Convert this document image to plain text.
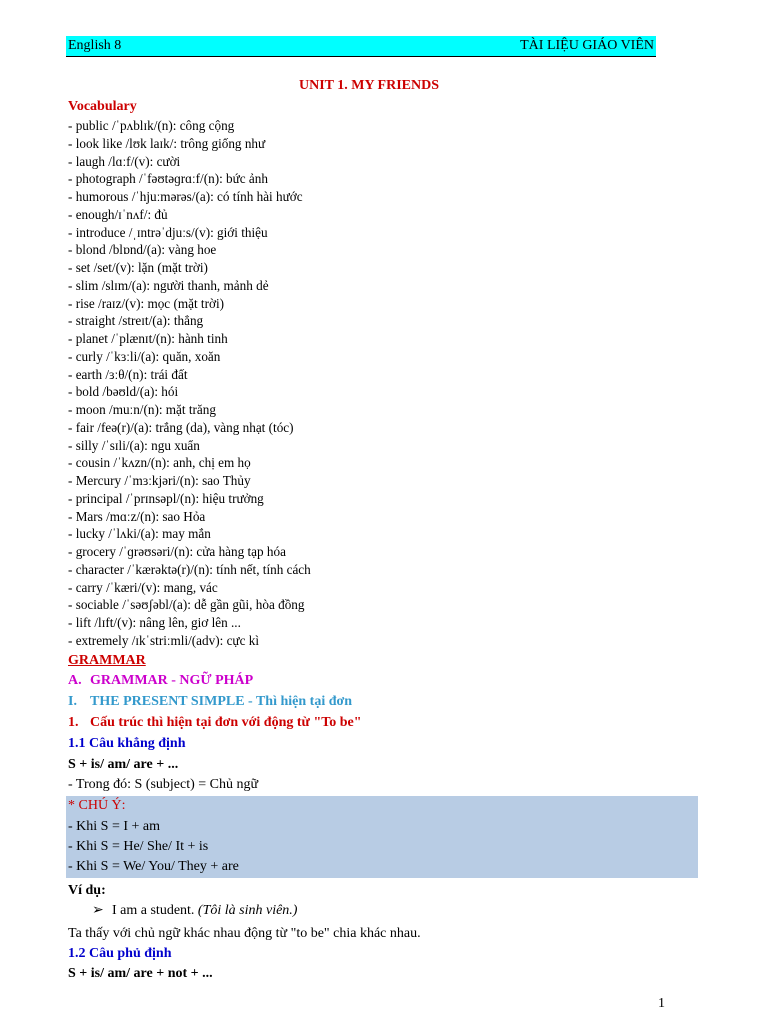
English 8	TÀI LIỆU GIÁO VIÊN
UNIT 1. MY FRIENDS
Vocabulary
- public /ˈpʌblɪk/(n): công cộng
- look like /lʊk laɪk/: trông giống như
- laugh /lɑːf/(v): cười
- photograph /ˈfəʊtəɡrɑːf/(n): bức ảnh
- humorous /ˈhjuːmərəs/(a): có tính hài hước
- enough/ɪˈnʌf/: đủ
- introduce /ˌɪntrəˈdjuːs/(v): giới thiệu
- blond /blɒnd/(a): vàng hoe
- set /set/(v): lặn (mặt trời)
- slim /slɪm/(a): người thanh, mảnh dẻ
- rise /raɪz/(v): mọc (mặt trời)
- straight /streɪt/(a): thẳng
- planet /ˈplænɪt/(n): hành tinh
- curly /ˈkɜːli/(a): quăn, xoăn
- earth /ɜːθ/(n): trái đất
- bold /bəʊld/(a): hói
- moon /muːn/(n): mặt trăng
- fair /feə(r)/(a): trắng (da), vàng nhạt (tóc)
- silly /ˈsɪli/(a): ngu xuẩn
- cousin /ˈkʌzn/(n): anh, chị em họ
- Mercury /ˈmɜːkjəri/(n): sao Thủy
- principal /ˈprɪnsəpl/(n): hiệu trưởng
- Mars /mɑːz/(n): sao Hỏa
- lucky /ˈlʌki/(a): may mắn
- grocery /ˈɡrəʊsəri/(n): cửa hàng tạp hóa
- character /ˈkærəktə(r)/(n): tính nết, tính cách
- carry /ˈkæri/(v): mang, vác
- sociable /ˈsəʊʃəbl/(a): dễ gần gũi, hòa đồng
- lift /lɪft/(v): nâng lên, giơ lên ...
- extremely /ɪkˈstriːmli/(adv): cực kì
GRAMMAR
A. GRAMMAR - NGỮ PHÁP
I. THE PRESENT SIMPLE - Thì hiện tại đơn
1. Cấu trúc thì hiện tại đơn với động từ "To be"
1.1 Câu khẳng định
S + is/ am/ are + ...
- Trong đó: S (subject) = Chủ ngữ
* CHÚ Ý:
- Khi S = I + am
- Khi S = He/ She/ It + is
- Khi S = We/ You/ They + are
Ví dụ:
➢ I am a student. (Tôi là sinh viên.)
Ta thấy với chủ ngữ khác nhau động từ "to be" chia khác nhau.
1.2 Câu phủ định
S + is/ am/ are + not + ...
1
